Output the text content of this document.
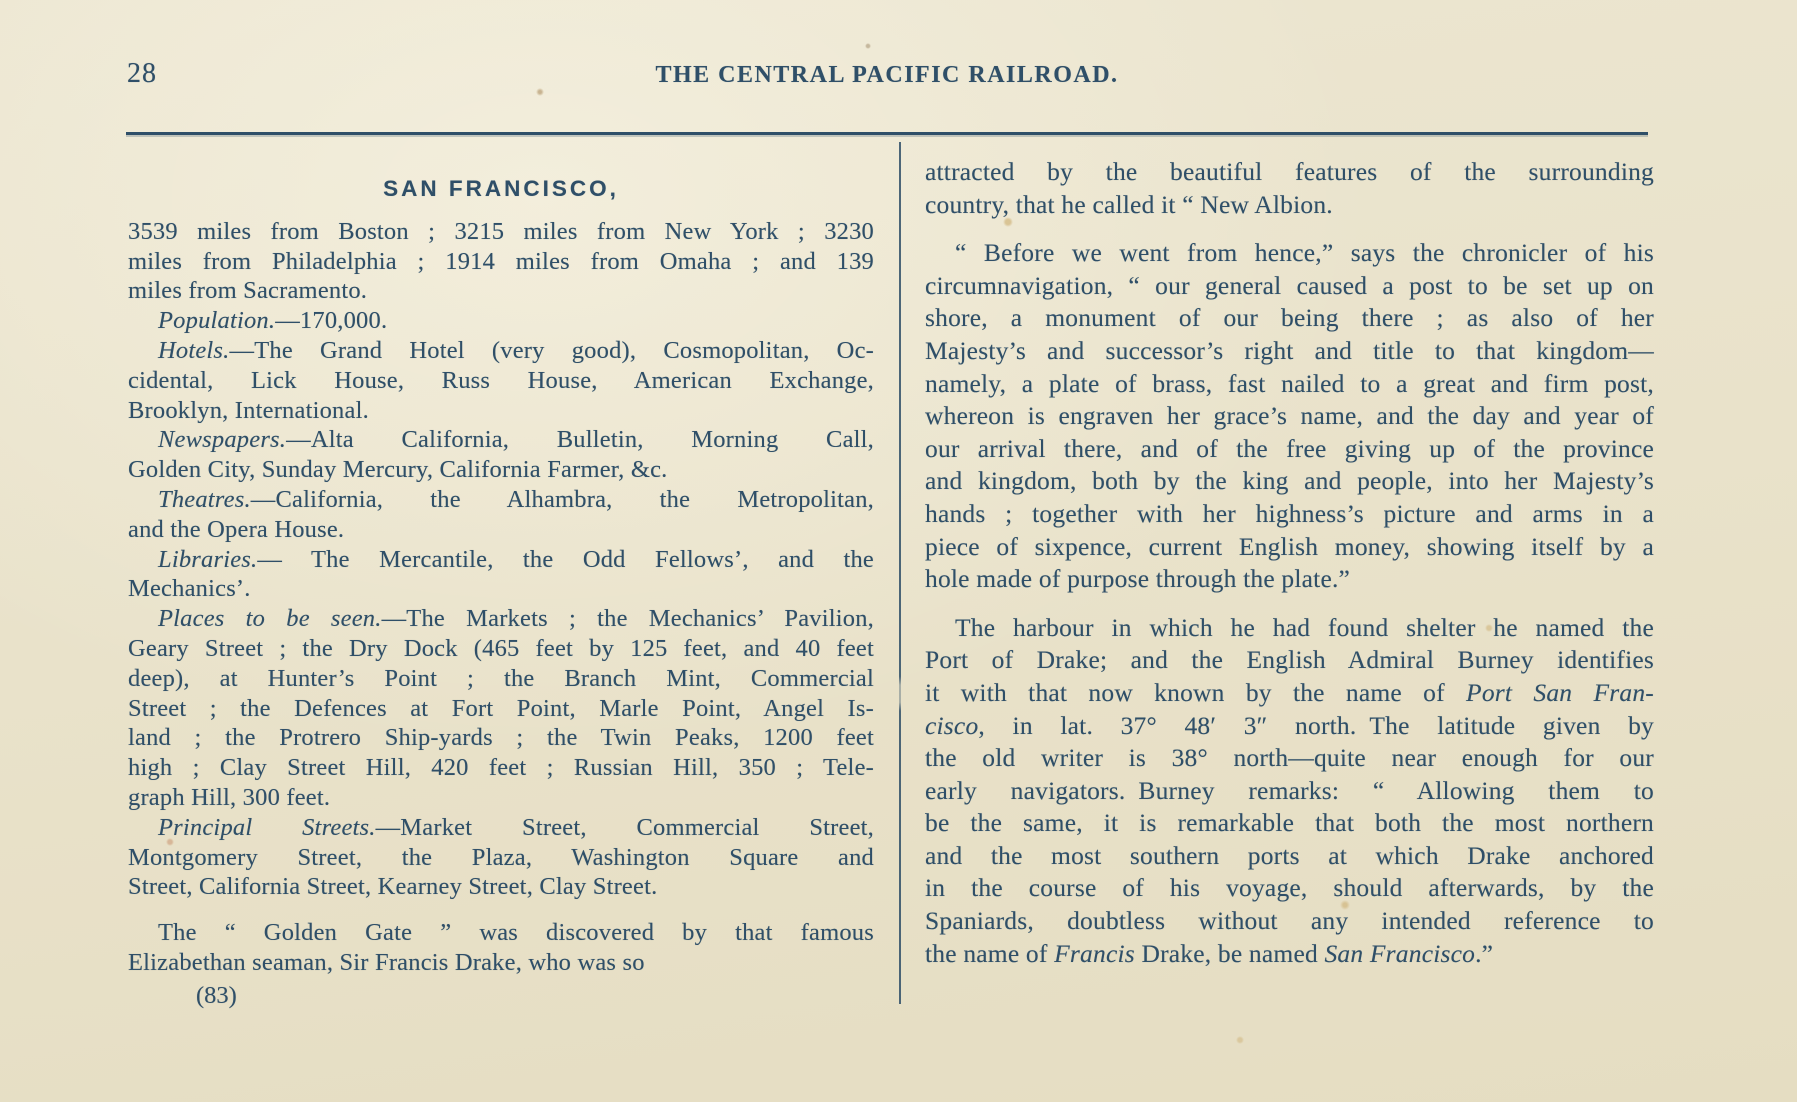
28	THE CENTRAL PACIFIC RAILROAD.
SAN FRANCISCO,
3539 miles from Boston ; 3215 miles from New York ; 3230
miles from Philadelphia ; 1914 miles from Omaha ; and 139
miles from Sacramento.
Population.—170,000.
Hotels.—The Grand Hotel (very good), Cosmopolitan, Oc-
cidental, Lick House, Russ House, American Exchange,
Brooklyn, International.
Newspapers.—Alta California, Bulletin, Morning Call,
Golden City, Sunday Mercury, California Farmer, &c.
Theatres.—California, the Alhambra, the Metropolitan,
and the Opera House.
Libraries.— The Mercantile, the Odd Fellows’, and the
Mechanics’.
Places to be seen.—The Markets ; the Mechanics’ Pavilion,
Geary Street ; the Dry Dock (465 feet by 125 feet, and 40 feet
deep), at Hunter’s Point ; the Branch Mint, Commercial
Street ; the Defences at Fort Point, Marle Point, Angel Is-
land ; the Protrero Ship-yards ; the Twin Peaks, 1200 feet
high ; Clay Street Hill, 420 feet ; Russian Hill, 350 ; Tele-
graph Hill, 300 feet.
Principal Streets.—Market Street, Commercial Street,
Montgomery Street, the Plaza, Washington Square and
Street, California Street, Kearney Street, Clay Street.
The “ Golden Gate ” was discovered by that famous
Elizabethan seaman, Sir Francis Drake, who was so
attracted by the beautiful features of the surrounding
country, that he called it “ New Albion.
“ Before we went from hence,” says the chronicler of his
circumnavigation, “ our general caused a post to be set up on
shore, a monument of our being there ; as also of her
Majesty’s and successor’s right and title to that kingdom—
namely, a plate of brass, fast nailed to a great and firm post,
whereon is engraven her grace’s name, and the day and year of
our arrival there, and of the free giving up of the province
and kingdom, both by the king and people, into her Majesty’s
hands ; together with her highness’s picture and arms in a
piece of sixpence, current English money, showing itself by a
hole made of purpose through the plate.”
The harbour in which he had found shelter he named the
Port of Drake; and the English Admiral Burney identifies
it with that now known by the name of Port San Fran-
cisco, in lat. 37° 48′ 3″ north. The latitude given by
the old writer is 38° north—quite near enough for our
early navigators. Burney remarks: “ Allowing them to
be the same, it is remarkable that both the most northern
and the most southern ports at which Drake anchored
in the course of his voyage, should afterwards, by the
Spaniards, doubtless without any intended reference to
the name of Francis Drake, be named San Francisco.”
(83)
